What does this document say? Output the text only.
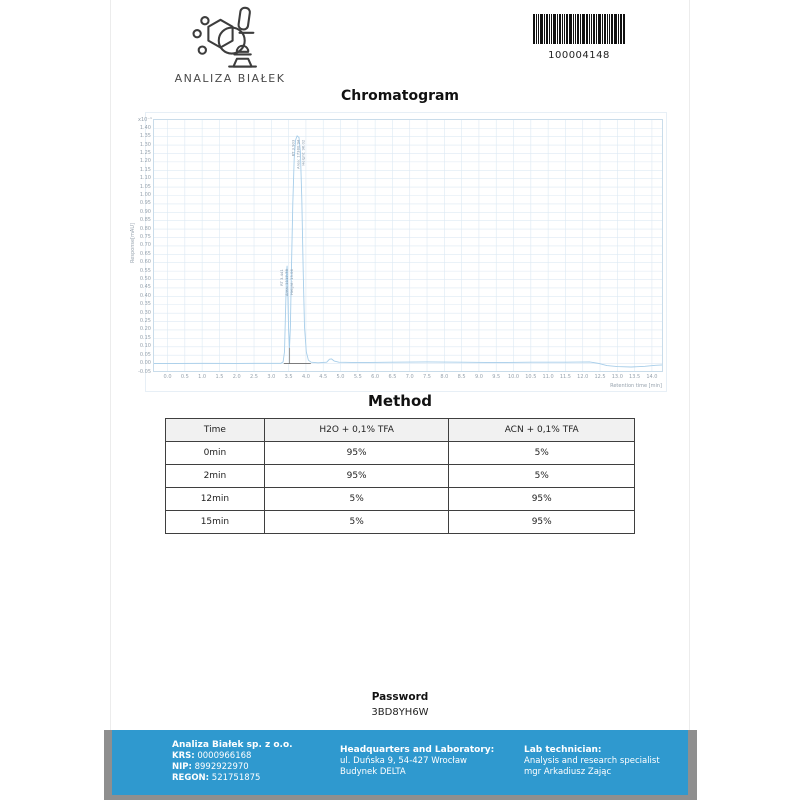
ANALIZA BIAŁEK
100004148
Chromatogram
x10⁻¹
Response[mAU]
RT 3.441 Area: 1117.78 Height: 13.06
RT 3.903 Area: 17380.94 Height: 96.02
1.40
1.35
1.30
1.25
1.20
1.15
1.10
1.05
1.00
0.95
0.90
0.85
0.80
0.75
0.70
0.65
0.60
0.55
0.50
0.45
0.40
0.35
0.30
0.25
0.20
0.15
0.10
0.05
0.00
-0.05
0.0	0.5	1.0	1.5	2.0	2.5	3.0	3.5	4.0	4.5	5.0	5.5	6.0	6.5	7.0	7.5	8.0	8.5	9.0	9.5	10.0	10.5	11.0	11.5	12.0	12.5	13.0	13.5	14.0
Retention time [min]
Method
Time	H2O + 0,1% TFA	ACN + 0,1% TFA
0min	95%	5%
2min	95%	5%
12min	5%	95%
15min	5%	95%
Password
3BD8YH6W
Analiza Białek sp. z o.o.
KRS: 0000966168
NIP: 8992922970
REGON: 521751875
Headquarters and Laboratory:
ul. Duńska 9, 54-427 Wrocław
Budynek DELTA
Lab technician:
Analysis and research specialist
mgr Arkadiusz Zając
